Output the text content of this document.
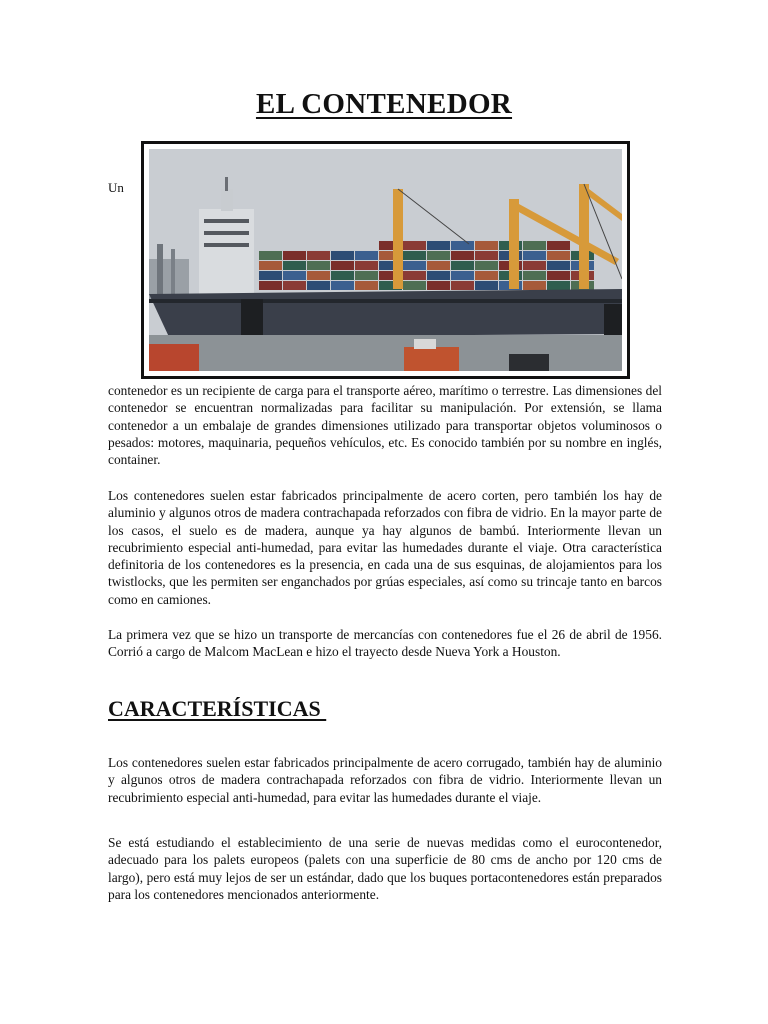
EL CONTENEDOR
Un

contenedor es un recipiente de carga para el transporte aéreo, marítimo o terrestre. Las dimensiones del contenedor se encuentran normalizadas para facilitar su manipulación. Por extensión, se llama contenedor a un embalaje de grandes dimensiones utilizado para transportar objetos voluminosos o pesados: motores, maquinaria, pequeños vehículos, etc. Es conocido también por su nombre en inglés, container.

Los contenedores suelen estar fabricados principalmente de acero corten, pero también los hay de aluminio y algunos otros de madera contrachapada reforzados con fibra de vidrio. En la mayor parte de los casos, el suelo es de madera, aunque ya hay algunos de bambú. Interiormente llevan un recubrimiento especial anti-humedad, para evitar las humedades durante el viaje. Otra característica definitoria de los contenedores es la presencia, en cada una de sus esquinas, de alojamientos para los twistlocks, que les permiten ser enganchados por grúas especiales, así como su trincaje tanto en barcos como en camiones.

La primera vez que se hizo un transporte de mercancías con contenedores fue el 26 de abril de 1956. Corrió a cargo de Malcom MacLean e hizo el trayecto desde Nueva York a Houston.

CARACTERÍSTICAS

Los contenedores suelen estar fabricados principalmente de acero corrugado, también hay de aluminio y algunos otros de madera contrachapada reforzados con fibra de vidrio. Interiormente llevan un recubrimiento especial anti-humedad, para evitar las humedades durante el viaje.

Se está estudiando el establecimiento de una serie de nuevas medidas como el eurocontenedor, adecuado para los palets europeos (palets con una superficie de 80 cms de ancho por 120 cms de largo), pero está muy lejos de ser un estándar, dado que los buques portacontenedores están preparados para los contenedores mencionados anteriormente.
